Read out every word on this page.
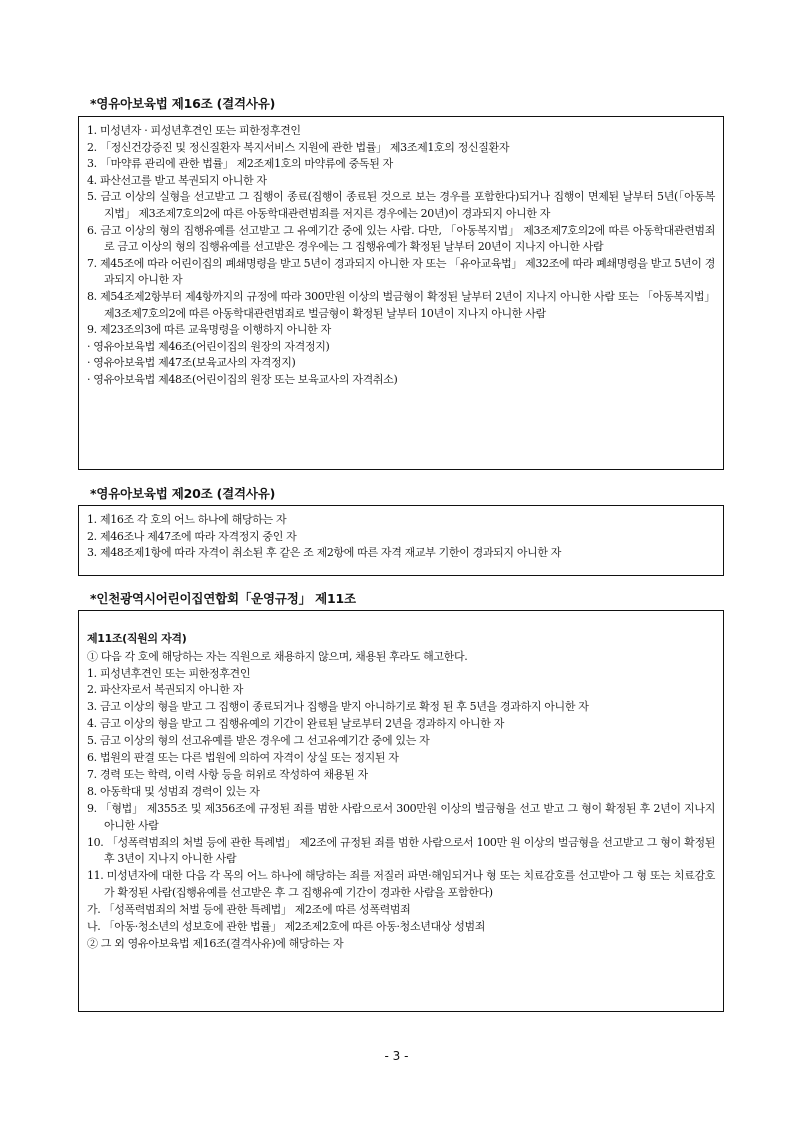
*영유아보육법 제16조 (결격사유)
1. 미성년자 · 피성년후견인 또는 피한정후견인
2. 「정신건강증진 및 정신질환자 복지서비스 지원에 관한 법률」 제3조제1호의 정신질환자
3. 「마약류 관리에 관한 법률」 제2조제1호의 마약류에 중독된 자
4. 파산선고를 받고 복권되지 아니한 자
5. 금고 이상의 실형을 선고받고 그 집행이 종료(집행이 종료된 것으로 보는 경우를 포함한다)되거나 집행이 면제된 날부터 5년(「아동복지법」 제3조제7호의2에 따른 아동학대관련범죄를 저지른 경우에는 20년)이 경과되지 아니한 자
6. 금고 이상의 형의 집행유예를 선고받고 그 유예기간 중에 있는 사람. 다만, 「아동복지법」 제3조제7호의2에 따른 아동학대관련범죄로 금고 이상의 형의 집행유예를 선고받은 경우에는 그 집행유예가 확정된 날부터 20년이 지나지 아니한 사람
7. 제45조에 따라 어린이집의 폐쇄명령을 받고 5년이 경과되지 아니한 자 또는 「유아교육법」 제32조에 따라 폐쇄명령을 받고 5년이 경과되지 아니한 자
8. 제54조제2항부터 제4항까지의 규정에 따라 300만원 이상의 벌금형이 확정된 날부터 2년이 지나지 아니한 사람 또는 「아동복지법」 제3조제7호의2에 따른 아동학대관련범죄로 벌금형이 확정된 날부터 10년이 지나지 아니한 사람
9. 제23조의3에 따른 교육명령을 이행하지 아니한 자
· 영유아보육법 제46조(어린이집의 원장의 자격정지)
· 영유아보육법 제47조(보육교사의 자격정지)
· 영유아보육법 제48조(어린이집의 원장 또는 보육교사의 자격취소)
*영유아보육법 제20조 (결격사유)
1. 제16조 각 호의 어느 하나에 해당하는 자
2. 제46조나 제47조에 따라 자격정지 중인 자
3. 제48조제1항에 따라 자격이 취소된 후 같은 조 제2항에 따른 자격 재교부 기한이 경과되지 아니한 자
*인천광역시어린이집연합회「운영규정」 제11조
제11조(직원의 자격)
① 다음 각 호에 해당하는 자는 직원으로 채용하지 않으며, 채용된 후라도 해고한다.
1. 피성년후견인 또는 피한정후견인
2. 파산자로서 복권되지 아니한 자
3. 금고 이상의 형을 받고 그 집행이 종료되거나 집행을 받지 아니하기로 확정 된 후 5년을 경과하지 아니한 자
4. 금고 이상의 형을 받고 그 집행유예의 기간이 완료된 날로부터 2년을 경과하지 아니한 자
5. 금고 이상의 형의 선고유예를 받은 경우에 그 선고유예기간 중에 있는 자
6. 법원의 판결 또는 다른 법원에 의하여 자격이 상실 또는 정지된 자
7. 경력 또는 학력, 이력 사항 등을 허위로 작성하여 채용된 자
8. 아동학대 및 성범죄 경력이 있는 자
9. 「형법」 제355조 및 제356조에 규정된 죄를 범한 사람으로서 300만원 이상의 벌금형을 선고 받고 그 형이 확정된 후 2년이 지나지 아니한 사람
10. 「성폭력범죄의 처벌 등에 관한 특례법」 제2조에 규정된 죄를 범한 사람으로서 100만 원 이상의 벌금형을 선고받고 그 형이 확정된 후 3년이 지나지 아니한 사람
11. 미성년자에 대한 다음 각 목의 어느 하나에 해당하는 죄를 저질러 파면·해임되거나 형 또는 치료감호를 선고받아 그 형 또는 치료감호가 확정된 사람(집행유예를 선고받은 후 그 집행유예 기간이 경과한 사람을 포함한다)
가. 「성폭력범죄의 처벌 등에 관한 특례법」 제2조에 따른 성폭력범죄
나. 「아동·청소년의 성보호에 관한 법률」 제2조제2호에 따른 아동·청소년대상 성범죄
② 그 외 영유아보육법 제16조(결격사유)에 해당하는 자
- 3 -
